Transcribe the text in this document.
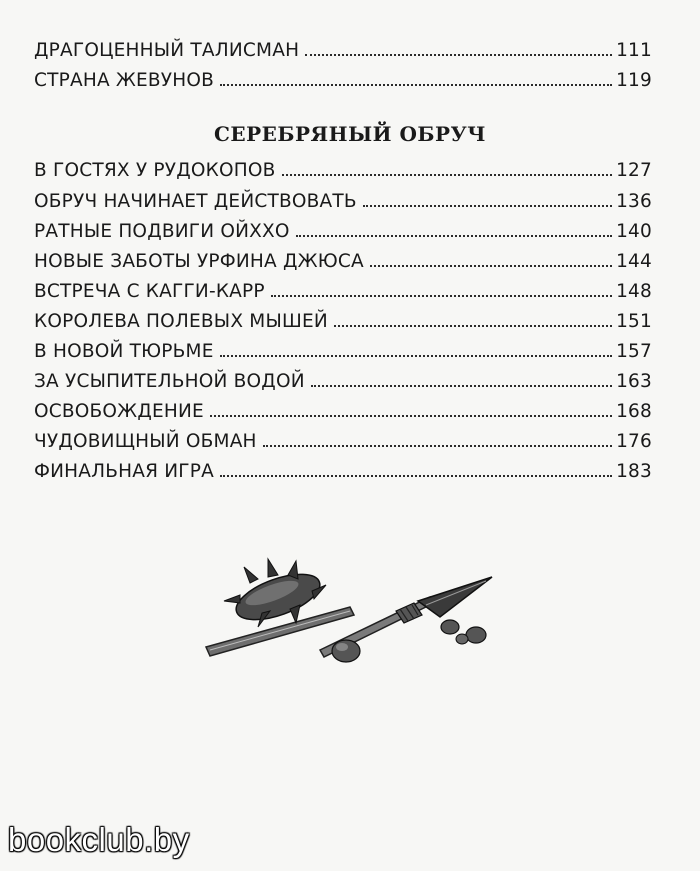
ДРАГОЦЕННЫЙ ТАЛИСМАН	111
СТРАНА ЖЕВУНОВ	119
СЕРЕБРЯНЫЙ ОБРУЧ
В ГОСТЯХ У РУДОКОПОВ	127
ОБРУЧ НАЧИНАЕТ ДЕЙСТВОВАТЬ	136
РАТНЫЕ ПОДВИГИ ОЙХХО	140
НОВЫЕ ЗАБОТЫ УРФИНА ДЖЮСА	144
ВСТРЕЧА С КАГГИ-КАРР	148
КОРОЛЕВА ПОЛЕВЫХ МЫШЕЙ	151
В НОВОЙ ТЮРЬМЕ	157
ЗА УСЫПИТЕЛЬНОЙ ВОДОЙ	163
ОСВОБОЖДЕНИЕ	168
ЧУДОВИЩНЫЙ ОБМАН	176
ФИНАЛЬНАЯ ИГРА	183
bookclub.by
